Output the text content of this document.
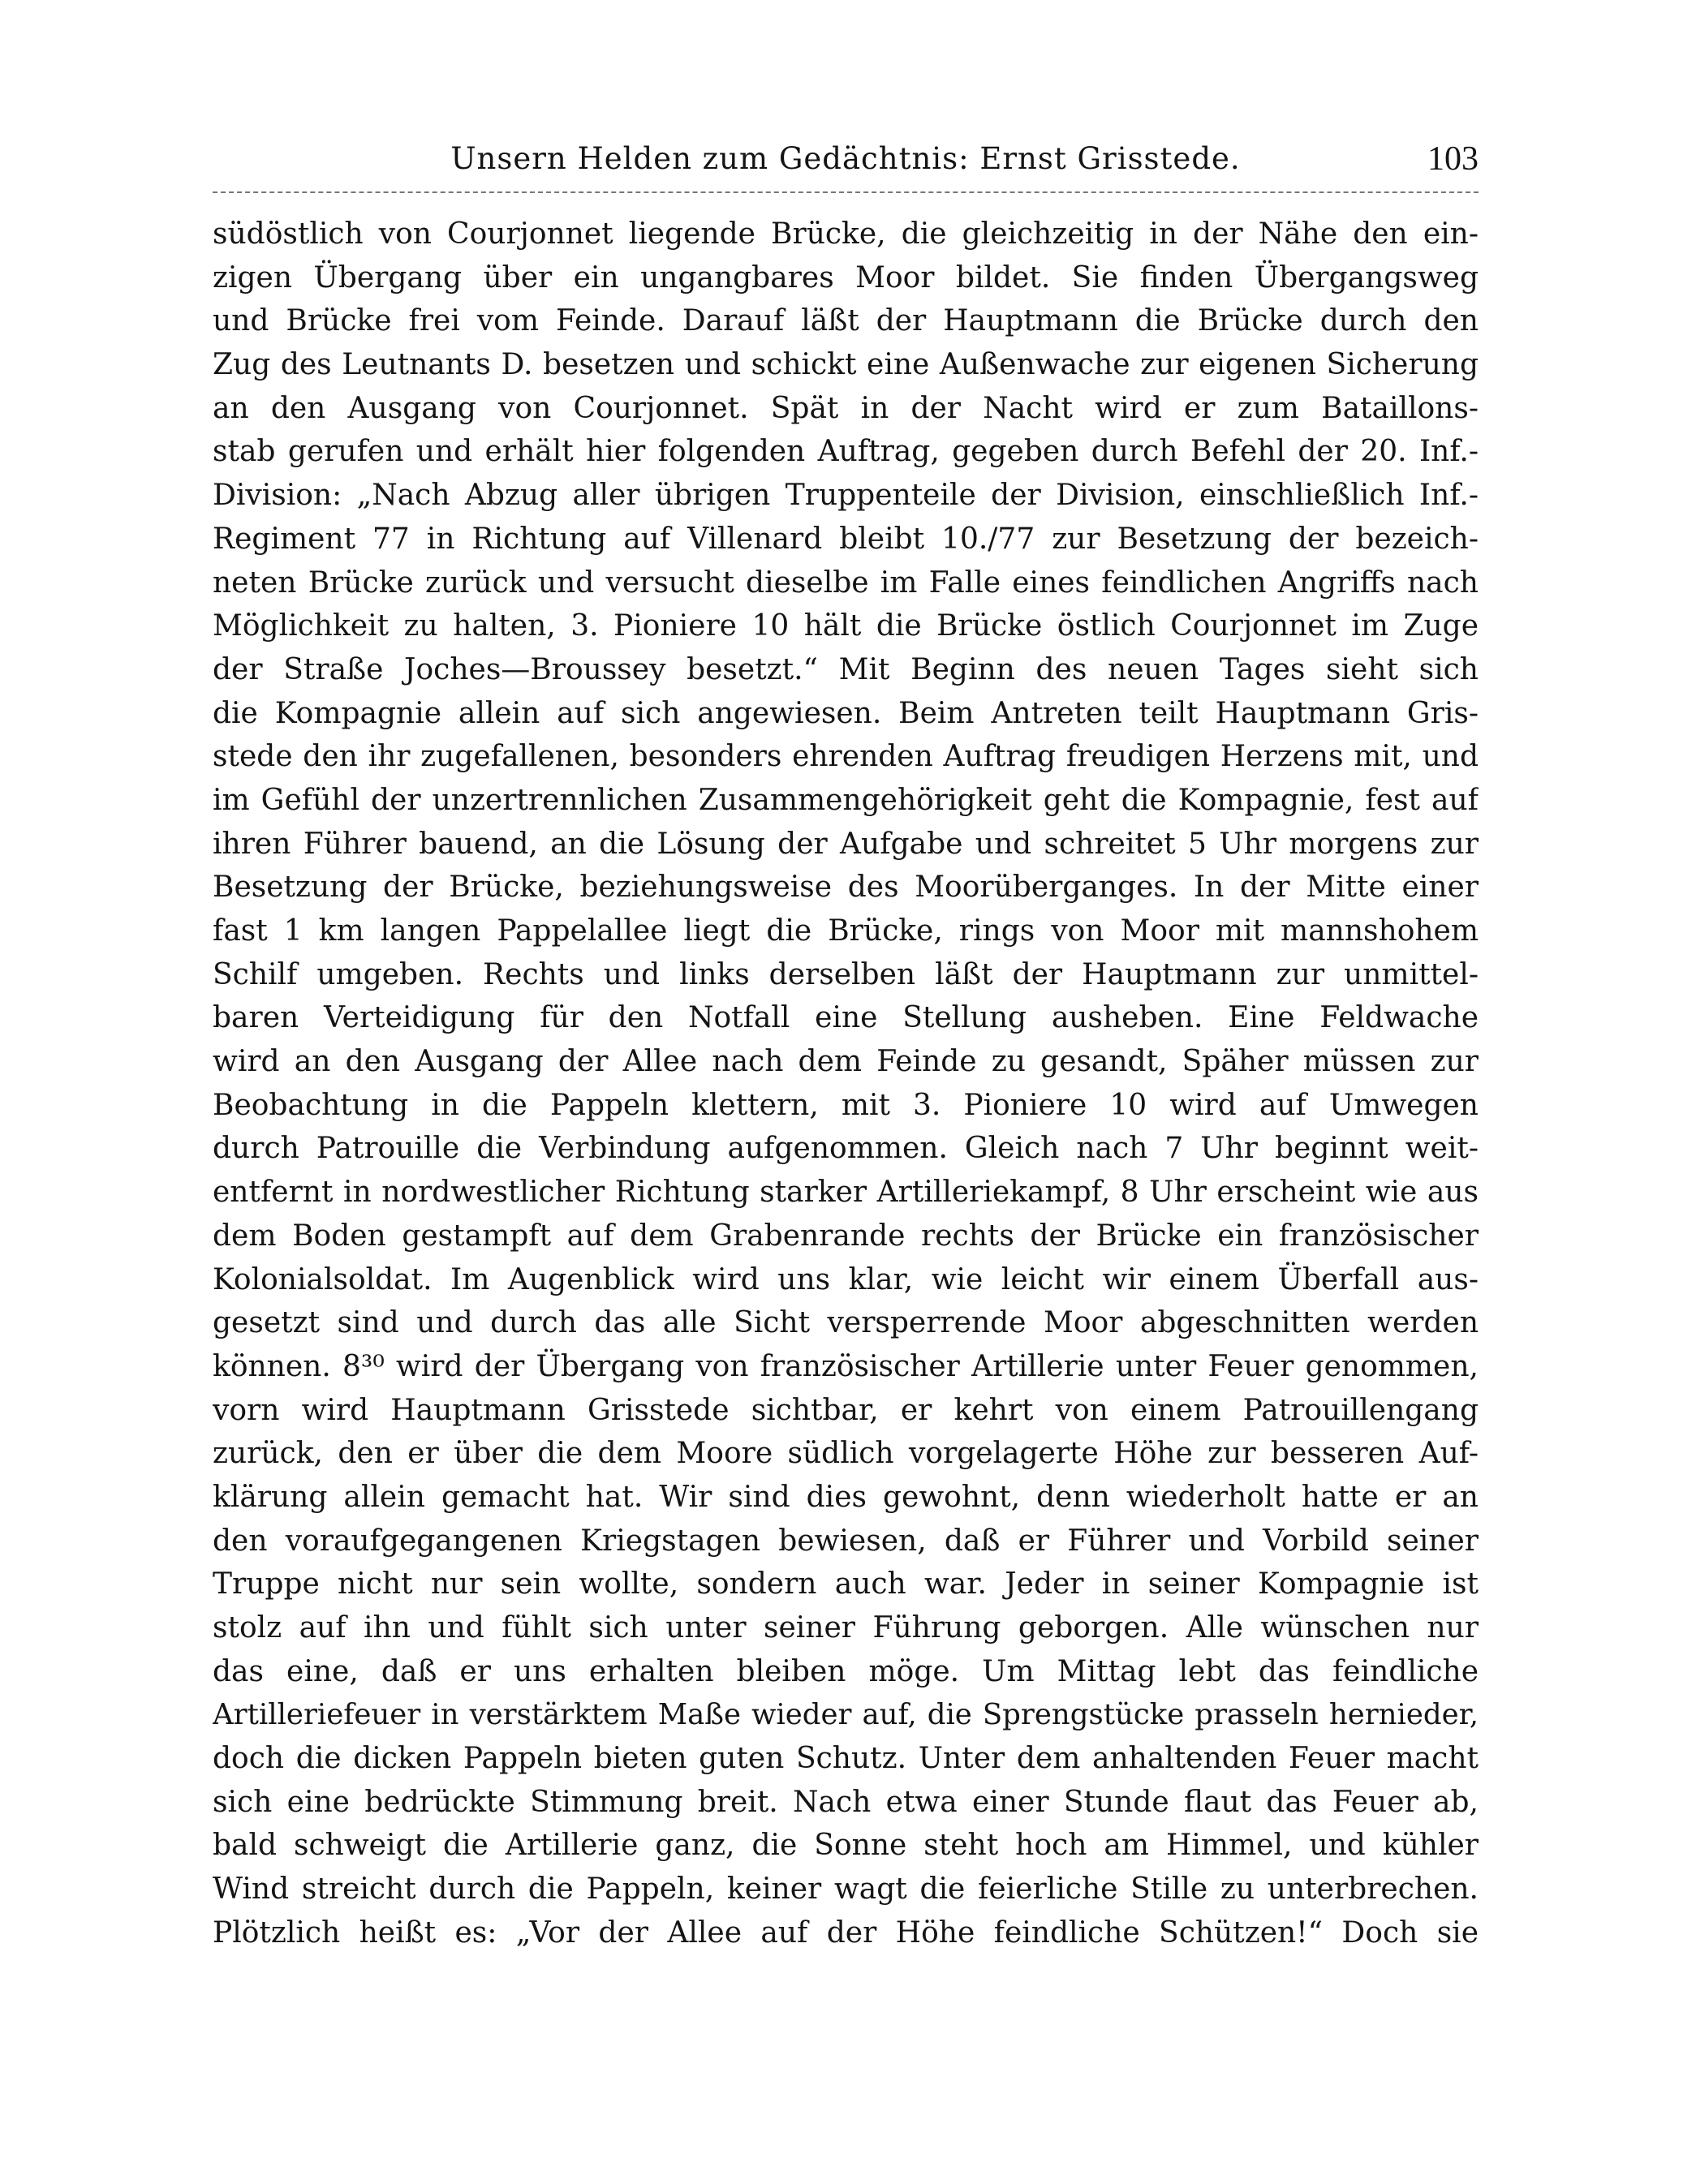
Unsern Helden zum Gedächtnis: Ernst Grisstede.	103
südöstlich von Courjonnet liegende Brücke, die gleichzeitig in der Nähe den ein-
zigen Übergang über ein ungangbares Moor bildet. Sie finden Übergangsweg
und Brücke frei vom Feinde. Darauf läßt der Hauptmann die Brücke durch den
Zug des Leutnants D. besetzen und schickt eine Außenwache zur eigenen Sicherung
an den Ausgang von Courjonnet. Spät in der Nacht wird er zum Bataillons-
stab gerufen und erhält hier folgenden Auftrag, gegeben durch Befehl der 20. Inf.-
Division: „Nach Abzug aller übrigen Truppenteile der Division, einschließlich Inf.-
Regiment 77 in Richtung auf Villenard bleibt 10./77 zur Besetzung der bezeich-
neten Brücke zurück und versucht dieselbe im Falle eines feindlichen Angriffs nach
Möglichkeit zu halten, 3. Pioniere 10 hält die Brücke östlich Courjonnet im Zuge
der Straße Joches—Broussey besetzt.“ Mit Beginn des neuen Tages sieht sich
die Kompagnie allein auf sich angewiesen. Beim Antreten teilt Hauptmann Gris-
stede den ihr zugefallenen, besonders ehrenden Auftrag freudigen Herzens mit, und
im Gefühl der unzertrennlichen Zusammengehörigkeit geht die Kompagnie, fest auf
ihren Führer bauend, an die Lösung der Aufgabe und schreitet 5 Uhr morgens zur
Besetzung der Brücke, beziehungsweise des Moorüberganges. In der Mitte einer
fast 1 km langen Pappelallee liegt die Brücke, rings von Moor mit mannshohem
Schilf umgeben. Rechts und links derselben läßt der Hauptmann zur unmittel-
baren Verteidigung für den Notfall eine Stellung ausheben. Eine Feldwache
wird an den Ausgang der Allee nach dem Feinde zu gesandt, Späher müssen zur
Beobachtung in die Pappeln klettern, mit 3. Pioniere 10 wird auf Umwegen
durch Patrouille die Verbindung aufgenommen. Gleich nach 7 Uhr beginnt weit-
entfernt in nordwestlicher Richtung starker Artilleriekampf, 8 Uhr erscheint wie aus
dem Boden gestampft auf dem Grabenrande rechts der Brücke ein französischer
Kolonialsoldat. Im Augenblick wird uns klar, wie leicht wir einem Überfall aus-
gesetzt sind und durch das alle Sicht versperrende Moor abgeschnitten werden
können. 8³⁰ wird der Übergang von französischer Artillerie unter Feuer genommen,
vorn wird Hauptmann Grisstede sichtbar, er kehrt von einem Patrouillengang
zurück, den er über die dem Moore südlich vorgelagerte Höhe zur besseren Auf-
klärung allein gemacht hat. Wir sind dies gewohnt, denn wiederholt hatte er an
den voraufgegangenen Kriegstagen bewiesen, daß er Führer und Vorbild seiner
Truppe nicht nur sein wollte, sondern auch war. Jeder in seiner Kompagnie ist
stolz auf ihn und fühlt sich unter seiner Führung geborgen. Alle wünschen nur
das eine, daß er uns erhalten bleiben möge. Um Mittag lebt das feindliche
Artilleriefeuer in verstärktem Maße wieder auf, die Sprengstücke prasseln hernieder,
doch die dicken Pappeln bieten guten Schutz. Unter dem anhaltenden Feuer macht
sich eine bedrückte Stimmung breit. Nach etwa einer Stunde flaut das Feuer ab,
bald schweigt die Artillerie ganz, die Sonne steht hoch am Himmel, und kühler
Wind streicht durch die Pappeln, keiner wagt die feierliche Stille zu unterbrechen.
Plötzlich heißt es: „Vor der Allee auf der Höhe feindliche Schützen!“ Doch sie
